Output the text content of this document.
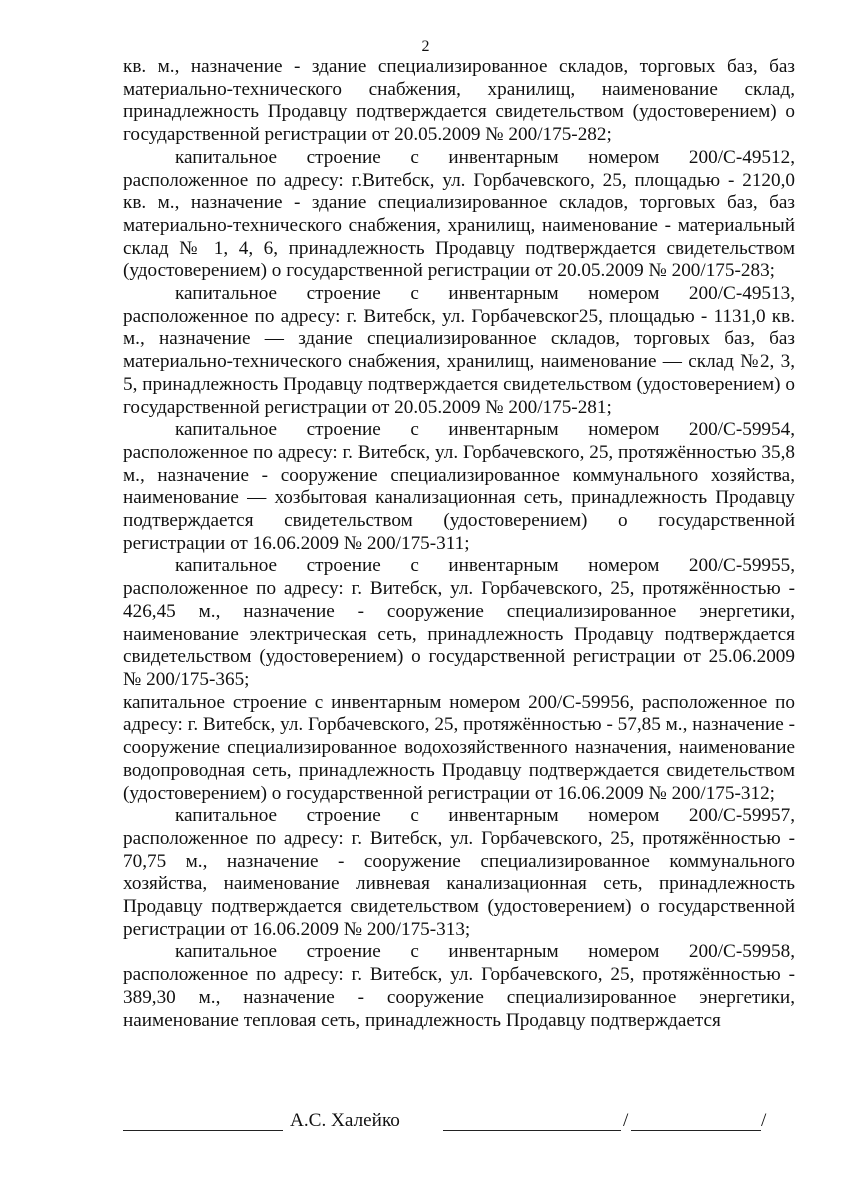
2

кв. м., назначение - здание специализированное складов, торговых баз, баз материально-технического снабжения, хранилищ, наименование склад, принадлежность Продавцу подтверждается свидетельством (удостоверением) о государственной регистрации от 20.05.2009 № 200/175-282;

капитальное строение с инвентарным номером 200/С-49512, расположенное по адресу: г.Витебск, ул. Горбачевского, 25, площадью - 2120,0 кв. м., назначение - здание специализированное складов, торговых баз, баз материально-технического снабжения, хранилищ, наименование - материальный склад № 1, 4, 6, принадлежность Продавцу подтверждается свидетельством (удостоверением) о государственной регистрации от 20.05.2009 № 200/175-283;

капитальное строение с инвентарным номером 200/С-49513, расположенное по адресу: г. Витебск, ул. Горбачевског25, площадью - 1131,0 кв. м., назначение — здание специализированное складов, торговых баз, баз материально-технического снабжения, хранилищ, наименование — склад №2, 3, 5, принадлежность Продавцу подтверждается свидетельством (удостоверением) о государственной регистрации от 20.05.2009 № 200/175-281;

капитальное строение с инвентарным номером 200/С-59954, расположенное по адресу: г. Витебск, ул. Горбачевского, 25, протяжённостью 35,8 м., назначение - сооружение специализированное коммунального хозяйства, наименование — хозбытовая канализационная сеть, принадлежность Продавцу подтверждается свидетельством (удостоверением) о государственной регистрации от 16.06.2009 № 200/175-311;

капитальное строение с инвентарным номером 200/С-59955, расположенное по адресу: г. Витебск, ул. Горбачевского, 25, протяжённостью - 426,45 м., назначение - сооружение специализированное энергетики, наименование электрическая сеть, принадлежность Продавцу подтверждается свидетельством (удостоверением) о государственной регистрации от 25.06.2009 № 200/175-365;

капитальное строение с инвентарным номером 200/С-59956, расположенное по адресу: г. Витебск, ул. Горбачевского, 25, протяжённостью - 57,85 м., назначение - сооружение специализированное водохозяйственного назначения, наименование водопроводная сеть, принадлежность Продавцу подтверждается свидетельством (удостоверением) о государственной регистрации от 16.06.2009 № 200/175-312;

капитальное строение с инвентарным номером 200/С-59957, расположенное по адресу: г. Витебск, ул. Горбачевского, 25, протяжённостью - 70,75 м., назначение - сооружение специализированное коммунального хозяйства, наименование ливневая канализационная сеть, принадлежность Продавцу подтверждается свидетельством (удостоверением) о государственной регистрации от 16.06.2009 № 200/175-313;

капитальное строение с инвентарным номером 200/С-59958, расположенное по адресу: г. Витебск, ул. Горбачевского, 25, протяжённостью - 389,30 м., назначение - сооружение специализированное энергетики, наименование тепловая сеть, принадлежность Продавцу подтверждается

А.С. Халейко	/	/
